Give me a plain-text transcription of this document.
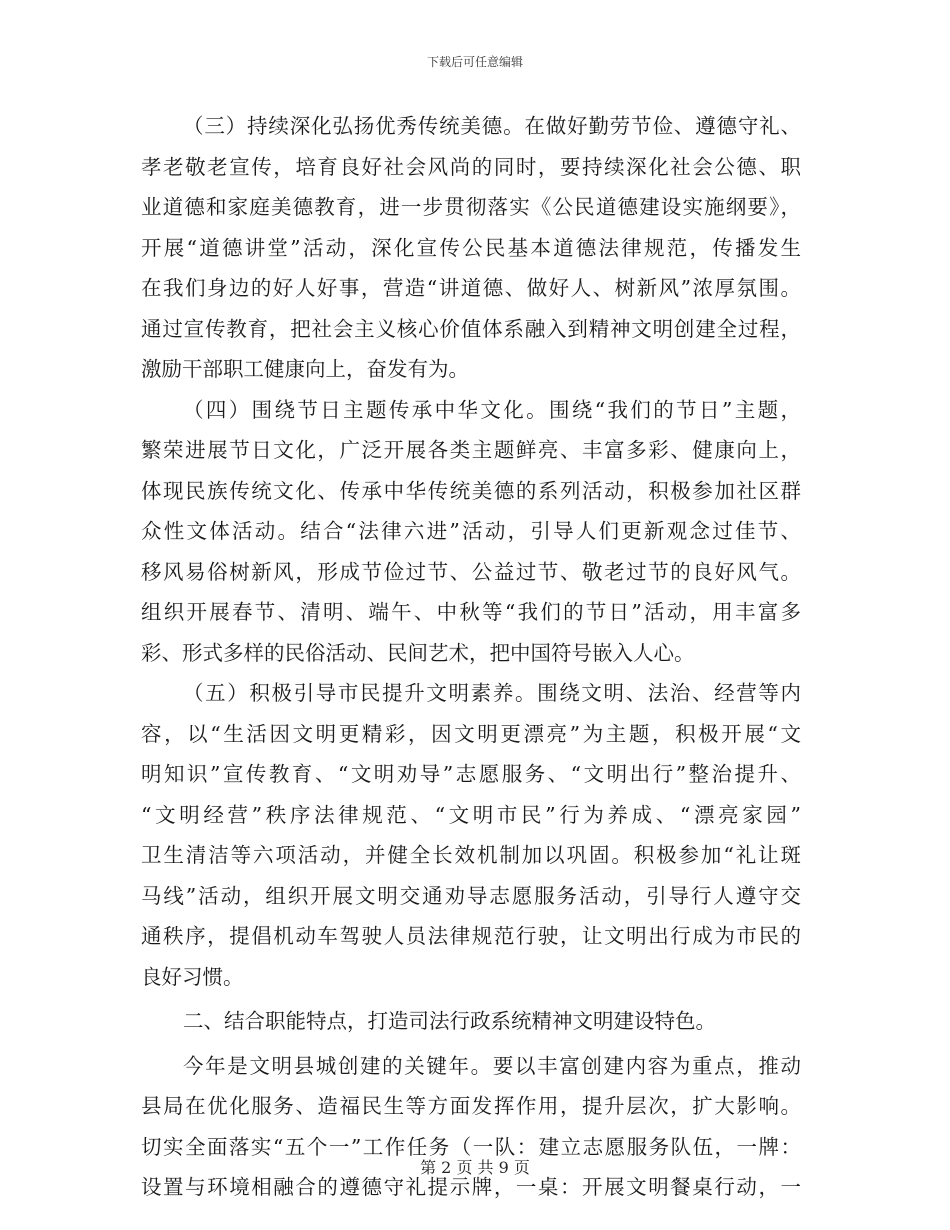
下载后可任意编辑
（三）持续深化弘扬优秀传统美德。在做好勤劳节俭、遵德守礼、
孝老敬老宣传，培育良好社会风尚的同时，要持续深化社会公德、职
业道德和家庭美德教育，进一步贯彻落实《公民道德建设实施纲要》，
开展“道德讲堂”活动，深化宣传公民基本道德法律规范，传播发生
在我们身边的好人好事，营造“讲道德、做好人、树新风”浓厚氛围。
通过宣传教育，把社会主义核心价值体系融入到精神文明创建全过程，
激励干部职工健康向上，奋发有为。
（四）围绕节日主题传承中华文化。围绕“我们的节日”主题，
繁荣进展节日文化，广泛开展各类主题鲜亮、丰富多彩、健康向上，
体现民族传统文化、传承中华传统美德的系列活动，积极参加社区群
众性文体活动。结合“法律六进”活动，引导人们更新观念过佳节、
移风易俗树新风，形成节俭过节、公益过节、敬老过节的良好风气。
组织开展春节、清明、端午、中秋等“我们的节日”活动，用丰富多
彩、形式多样的民俗活动、民间艺术，把中国符号嵌入人心。
（五）积极引导市民提升文明素养。围绕文明、法治、经营等内
容，以“生活因文明更精彩，因文明更漂亮”为主题，积极开展“文
明知识”宣传教育、“文明劝导”志愿服务、“文明出行”整治提升、
“文明经营”秩序法律规范、“文明市民”行为养成、“漂亮家园”
卫生清洁等六项活动，并健全长效机制加以巩固。积极参加“礼让斑
马线”活动，组织开展文明交通劝导志愿服务活动，引导行人遵守交
通秩序，提倡机动车驾驶人员法律规范行驶，让文明出行成为市民的
良好习惯。
二、结合职能特点，打造司法行政系统精神文明建设特色。
今年是文明县城创建的关键年。要以丰富创建内容为重点，推动
县局在优化服务、造福民生等方面发挥作用，提升层次，扩大影响。
切实全面落实“五个一”工作任务（一队：建立志愿服务队伍，一牌：
设置与环境相融合的遵德守礼提示牌，一桌：开展文明餐桌行动，一
第 2 页 共 9 页
